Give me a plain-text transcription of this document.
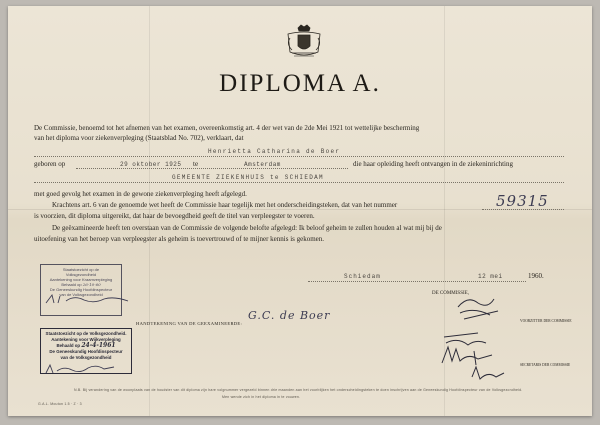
DIPLOMA A.
De Commissie, benoemd tot het afnemen van het examen, overeenkomstig art. 4 der wet van de 2de Mei 1921 tot wettelijke bescherming
van het diploma voor ziekenverpleging (Staatsblad No. 702), verklaart, dat
Henrietta Catharina de Boer
geboren op	29 oktober 1925 te	Amsterdam	die haar opleiding heeft ontvangen in de ziekeninrichting
GEMEENTE ZIEKENHUIS te SCHIEDAM
met goed gevolg het examen in de gewone ziekenverpleging heeft afgelegd.
Krachtens art. 6 van de genoemde wet heeft de Commissie haar tegelijk met het onderscheidingsteken, dat van het nummer	59315
is voorzien, dit diploma uitgereikt, dat haar de bevoegdheid geeft de titel van verpleegster te voeren.
De geëxamineerde heeft ten overstaan van de Commissie de volgende belofte afgelegd: Ik beloof geheim te zullen houden al wat mij bij de
uitoefening van het beroep van verpleegster als geheim is toevertrouwd of te mijner kennis is gekomen.
Staatstoezicht op de
Volksgezondheid
Aantekening voor Kraamverpleging
Behaald op 26-10-60
De Geneeskundig Hoofdinspecteur
van de Volksgezondheid
Staatstoezicht op de Volksgezondheid.
Aantekening voor Wijkverpleging
Behaald op 24-4-1961
De Geneeskundig Hoofdinspecteur
van de Volksgezondheid
Schiedam	12 mei	1960.
DE COMMISSIE,
HANDTEKENING VAN DE GEEXAMINEERDE:
G.C. de Boer	VOORZITTER DER COMMISSIE
SECRETARIS DER COMMISSIE
N.B. Bij verandering van de woonplaats van de houdster van dit diploma zijn hare volgnummer vergezeld binnen drie maanden aan het voorblijken het onderscheidingsteken te doen inschrijven aan de Geneeskundig Hoofdinspecteur van de Volksgezondheid.
Men wende zich in het diploma in te vouwen.
G.A.L. Mouton 1.5 · Z · 3
